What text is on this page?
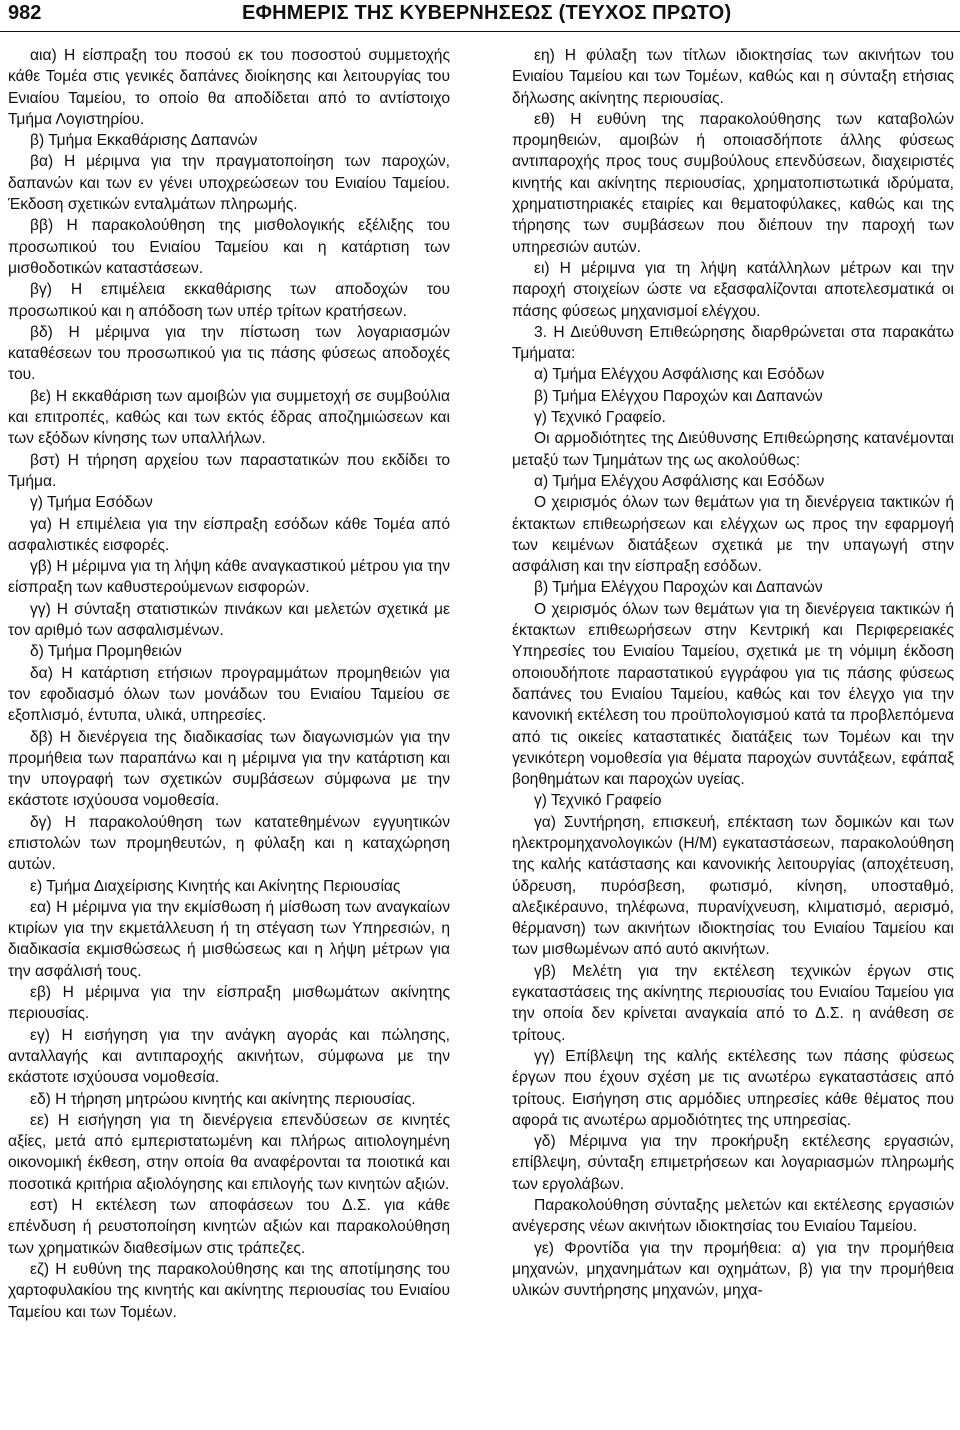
982	ΕΦΗΜΕΡΙΣ ΤΗΣ ΚΥΒΕΡΝΗΣΕΩΣ (ΤΕΥΧΟΣ ΠΡΩΤΟ)

αια) Η είσπραξη του ποσού εκ του ποσοστού συμμετοχής κάθε Τομέα στις γενικές δαπάνες διοίκησης και λειτουργίας του Ενιαίου Ταμείου, το οποίο θα αποδίδεται από το αντίστοιχο Τμήμα Λογιστηρίου.

β) Τμήμα Εκκαθάρισης Δαπανών

βα) Η μέριμνα για την πραγματοποίηση των παροχών, δαπανών και των εν γένει υποχρεώσεων του Ενιαίου Ταμείου. Έκδοση σχετικών ενταλμάτων πληρωμής.

ββ) Η παρακολούθηση της μισθολογικής εξέλιξης του προσωπικού του Ενιαίου Ταμείου και η κατάρτιση των μισθοδοτικών καταστάσεων.

βγ) Η επιμέλεια εκκαθάρισης των αποδοχών του προσωπικού και η απόδοση των υπέρ τρίτων κρατήσεων.

βδ) Η μέριμνα για την πίστωση των λογαριασμών καταθέσεων του προσωπικού για τις πάσης φύσεως αποδοχές του.

βε) Η εκκαθάριση των αμοιβών για συμμετοχή σε συμβούλια και επιτροπές, καθώς και των εκτός έδρας αποζημιώσεων και των εξόδων κίνησης των υπαλλήλων.

βστ) Η τήρηση αρχείου των παραστατικών που εκδίδει το Τμήμα.

γ) Τμήμα Εσόδων

γα) Η επιμέλεια για την είσπραξη εσόδων κάθε Τομέα από ασφαλιστικές εισφορές.

γβ) Η μέριμνα για τη λήψη κάθε αναγκαστικού μέτρου για την είσπραξη των καθυστερούμενων εισφορών.

γγ) Η σύνταξη στατιστικών πινάκων και μελετών σχετικά με τον αριθμό των ασφαλισμένων.

δ) Τμήμα Προμηθειών

δα) Η κατάρτιση ετήσιων προγραμμάτων προμηθειών για τον εφοδιασμό όλων των μονάδων του Ενιαίου Ταμείου σε εξοπλισμό, έντυπα, υλικά, υπηρεσίες.

δβ) Η διενέργεια της διαδικασίας των διαγωνισμών για την προμήθεια των παραπάνω και η μέριμνα για την κατάρτιση και την υπογραφή των σχετικών συμβάσεων σύμφωνα με την εκάστοτε ισχύουσα νομοθεσία.

δγ) Η παρακολούθηση των κατατεθημένων εγγυητικών επιστολών των προμηθευτών, η φύλαξη και η καταχώρηση αυτών.

ε) Τμήμα Διαχείρισης Κινητής και Ακίνητης Περιουσίας

εα) Η μέριμνα για την εκμίσθωση ή μίσθωση των αναγκαίων κτιρίων για την εκμετάλλευση ή τη στέγαση των Υπηρεσιών, η διαδικασία εκμισθώσεως ή μισθώσεως και η λήψη μέτρων για την ασφάλισή τους.

εβ) Η μέριμνα για την είσπραξη μισθωμάτων ακίνητης περιουσίας.

εγ) Η εισήγηση για την ανάγκη αγοράς και πώλησης, ανταλλαγής και αντιπαροχής ακινήτων, σύμφωνα με την εκάστοτε ισχύουσα νομοθεσία.

εδ) Η τήρηση μητρώου κινητής και ακίνητης περιουσίας.

εε) Η εισήγηση για τη διενέργεια επενδύσεων σε κινητές αξίες, μετά από εμπεριστατωμένη και πλήρως αιτιολογημένη οικονομική έκθεση, στην οποία θα αναφέρονται τα ποιοτικά και ποσοτικά κριτήρια αξιολόγησης και επιλογής των κινητών αξιών.

εστ) Η εκτέλεση των αποφάσεων του Δ.Σ. για κάθε επένδυση ή ρευστοποίηση κινητών αξιών και παρακολούθηση των χρηματικών διαθεσίμων στις τράπεζες.

εζ) Η ευθύνη της παρακολούθησης και της αποτίμησης του χαρτοφυλακίου της κινητής και ακίνητης περιουσίας του Ενιαίου Ταμείου και των Τομέων.

εη) Η φύλαξη των τίτλων ιδιοκτησίας των ακινήτων του Ενιαίου Ταμείου και των Τομέων, καθώς και η σύνταξη ετήσιας δήλωσης ακίνητης περιουσίας.

εθ) Η ευθύνη της παρακολούθησης των καταβολών προμηθειών, αμοιβών ή οποιασδήποτε άλλης φύσεως αντιπαροχής προς τους συμβούλους επενδύσεων, διαχειριστές κινητής και ακίνητης περιουσίας, χρηματοπιστωτικά ιδρύματα, χρηματιστηριακές εταιρίες και θεματοφύλακες, καθώς και της τήρησης των συμβάσεων που διέπουν την παροχή των υπηρεσιών αυτών.

ει) Η μέριμνα για τη λήψη κατάλληλων μέτρων και την παροχή στοιχείων ώστε να εξασφαλίζονται αποτελεσματικά οι πάσης φύσεως μηχανισμοί ελέγχου.

3. Η Διεύθυνση Επιθεώρησης διαρθρώνεται στα παρακάτω Τμήματα:

α) Τμήμα Ελέγχου Ασφάλισης και Εσόδων

β) Τμήμα Ελέγχου Παροχών και Δαπανών

γ) Τεχνικό Γραφείο.

Οι αρμοδιότητες της Διεύθυνσης Επιθεώρησης κατανέμονται μεταξύ των Τμημάτων της ως ακολούθως:

α) Τμήμα Ελέγχου Ασφάλισης και Εσόδων

Ο χειρισμός όλων των θεμάτων για τη διενέργεια τακτικών ή έκτακτων επιθεωρήσεων και ελέγχων ως προς την εφαρμογή των κειμένων διατάξεων σχετικά με την υπαγωγή στην ασφάλιση και την είσπραξη εσόδων.

β) Τμήμα Ελέγχου Παροχών και Δαπανών

Ο χειρισμός όλων των θεμάτων για τη διενέργεια τακτικών ή έκτακτων επιθεωρήσεων στην Κεντρική και Περιφερειακές Υπηρεσίες του Ενιαίου Ταμείου, σχετικά με τη νόμιμη έκδοση οποιουδήποτε παραστατικού εγγράφου για τις πάσης φύσεως δαπάνες του Ενιαίου Ταμείου, καθώς και τον έλεγχο για την κανονική εκτέλεση του προϋπολογισμού κατά τα προβλεπόμενα από τις οικείες καταστατικές διατάξεις των Τομέων και την γενικότερη νομοθεσία για θέματα παροχών συντάξεων, εφάπαξ βοηθημάτων και παροχών υγείας.

γ) Τεχνικό Γραφείο

γα) Συντήρηση, επισκευή, επέκταση των δομικών και των ηλεκτρομηχανολογικών (Η/Μ) εγκαταστάσεων, παρακολούθηση της καλής κατάστασης και κανονικής λειτουργίας (αποχέτευση, ύδρευση, πυρόσβεση, φωτισμό, κίνηση, υποσταθμό, αλεξικέραυνο, τηλέφωνα, πυρανίχνευση, κλιματισμό, αερισμό, θέρμανση) των ακινήτων ιδιοκτησίας του Ενιαίου Ταμείου και των μισθωμένων από αυτό ακινήτων.

γβ) Μελέτη για την εκτέλεση τεχνικών έργων στις εγκαταστάσεις της ακίνητης περιουσίας του Ενιαίου Ταμείου για την οποία δεν κρίνεται αναγκαία από το Δ.Σ. η ανάθεση σε τρίτους.

γγ) Επίβλεψη της καλής εκτέλεσης των πάσης φύσεως έργων που έχουν σχέση με τις ανωτέρω εγκαταστάσεις από τρίτους. Εισήγηση στις αρμόδιες υπηρεσίες κάθε θέματος που αφορά τις ανωτέρω αρμοδιότητες της υπηρεσίας.

γδ) Μέριμνα για την προκήρυξη εκτέλεσης εργασιών, επίβλεψη, σύνταξη επιμετρήσεων και λογαριασμών πληρωμής των εργολάβων.

Παρακολούθηση σύνταξης μελετών και εκτέλεσης εργασιών ανέγερσης νέων ακινήτων ιδιοκτησίας του Ενιαίου Ταμείου.

γε) Φροντίδα για την προμήθεια: α) για την προμήθεια μηχανών, μηχανημάτων και οχημάτων, β) για την προμήθεια υλικών συντήρησης μηχανών, μηχα-
